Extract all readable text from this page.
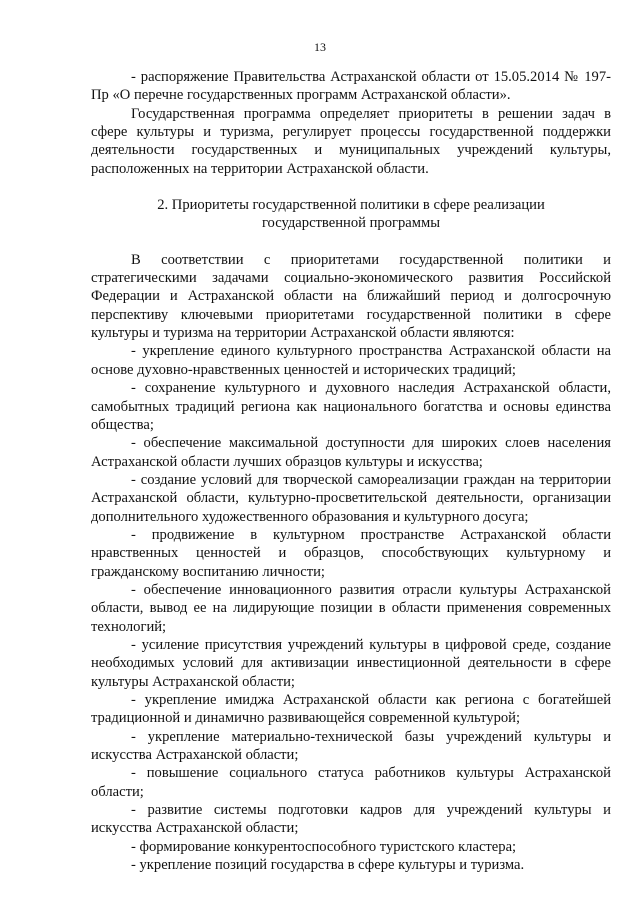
13

- распоряжение Правительства Астраханской области от 15.05.2014 № 197-Пр «О перечне государственных программ Астраханской области».

Государственная программа определяет приоритеты в решении задач в сфере культуры и туризма, регулирует процессы государственной поддержки деятельности государственных и муниципальных учреждений культуры, расположенных на территории Астраханской области.

2. Приоритеты государственной политики в сфере реализации государственной программы

В соответствии с приоритетами государственной политики и стратегическими задачами социально-экономического развития Российской Федерации и Астраханской области на ближайший период и долгосрочную перспективу ключевыми приоритетами государственной политики в сфере культуры и туризма на территории Астраханской области являются:

- укрепление единого культурного пространства Астраханской области на основе духовно-нравственных ценностей и исторических традиций;

- сохранение культурного и духовного наследия Астраханской области, самобытных традиций региона как национального богатства и основы единства общества;

- обеспечение максимальной доступности для широких слоев населения Астраханской области лучших образцов культуры и искусства;

- создание условий для творческой самореализации граждан на территории Астраханской области, культурно-просветительской деятельности, организации дополнительного художественного образования и культурного досуга;

- продвижение в культурном пространстве Астраханской области нравственных ценностей и образцов, способствующих культурному и гражданскому воспитанию личности;

- обеспечение инновационного развития отрасли культуры Астраханской области, вывод ее на лидирующие позиции в области применения современных технологий;

- усиление присутствия учреждений культуры в цифровой среде, создание необходимых условий для активизации инвестиционной деятельности в сфере культуры Астраханской области;

- укрепление имиджа Астраханской области как региона с богатейшей традиционной и динамично развивающейся современной культурой;

- укрепление материально-технической базы учреждений культуры и искусства Астраханской области;

- повышение социального статуса работников культуры Астраханской области;

- развитие системы подготовки кадров для учреждений культуры и искусства Астраханской области;

- формирование конкурентоспособного туристского кластера;

- укрепление позиций государства в сфере культуры и туризма.
